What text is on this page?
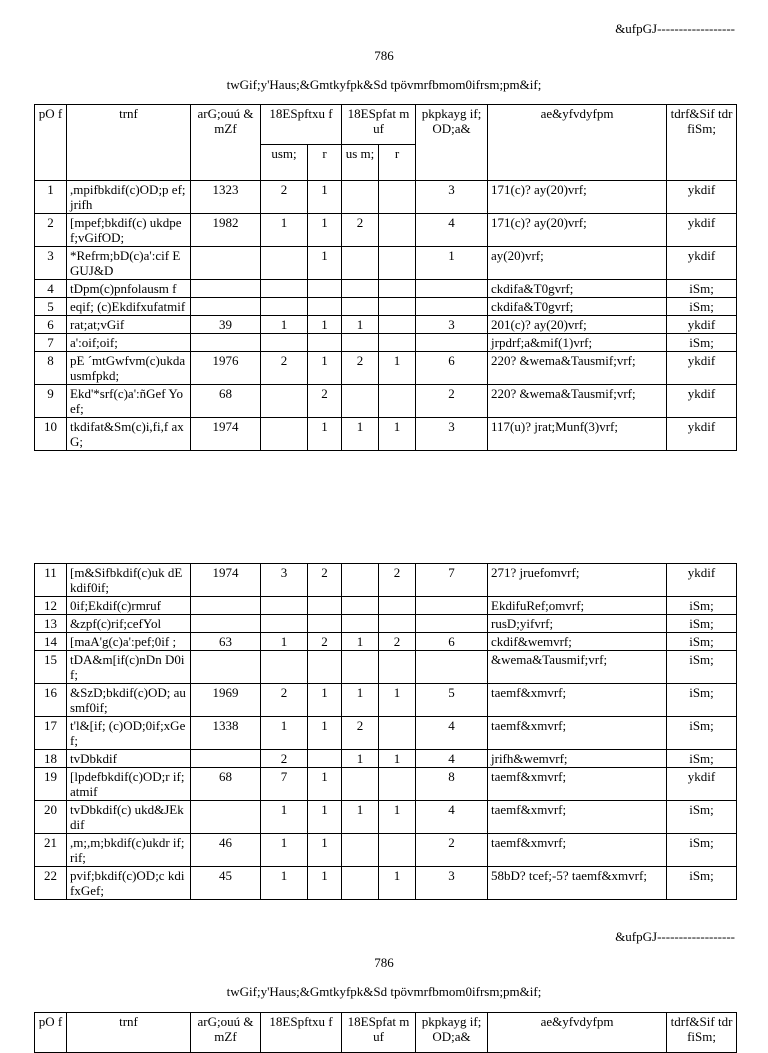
&ufpGJ------------------
786
twGif;y'Haus;&Gmtkyfpk&Sd tpövmrfbmom0ifrsm;pm&if;
pO f	trnf	arG;ouú &mZf	18ESpftxu f		18ESpfat muf		pkpkayg if; OD;a&	ae&yfvdyfpm	tdrf&Sif tdrfiSm;
			usm;	r	us m;	r			
1	,mpifbkdif(c)OD;p ef;jrifh	1323	2	1			3	171(c)? ay(20)vrf;	ykdif
2	[mpef;bkdif(c) ukdpef;vGifOD;	1982	1	1	2		4	171(c)? ay(20)vrf;	ykdif
3	*Refrm;bD(c)a':cif EGUJ&D			1			1	ay(20)vrf;	ykdif
4	tDpm(c)pnfolausm f							ckdifa&T0gvrf;	iSm;
5	eqif; (c)Ekdifxufatmif							ckdifa&T0gvrf;	iSm;
6	rat;at;vGif	39	1	1	1		3	201(c)? ay(20)vrf;	ykdif
7	a':oif;oif;							jrpdrf;a&mif(1)vrf;	iSm;
8	pE ´mtGwfvm(c)ukda usmfpkd;	1976	2	1	2	1	6	220? &wema&Tausmif;vrf;	ykdif
9	Ekd'*srf(c)a':ñGef Yoef;	68		2			2	220? &wema&Tausmif;vrf;	ykdif
10	tkdifat&Sm(c)i,fi,f axG;	1974		1	1	1	3	117(u)? jrat;Munf(3)vrf;	ykdif
11	[m&Sifbkdif(c)uk dEkdif0if;	1974	3	2		2	7	271? jruefomvrf;	ykdif
12	0if;Ekdif(c)rmruf							EkdifuRef;omvrf;	iSm;
13	&zpf(c)rif;cefYol							rusD;yifvrf;	iSm;
14	[maA'g(c)a':pef;0if ;	63	1	2	1	2	6	ckdif&wemvrf;	iSm;
15	tDA&m[if(c)nDn D0if;							&wema&Tausmif;vrf;	iSm;
16	&SzD;bkdif(c)OD; ausmf0if;	1969	2	1	1	1	5	taemf&xmvrf;	iSm;
17	t'l&[if; (c)OD;0if;xGef;	1338	1	1	2		4	taemf&xmvrf;	iSm;
18	tvDbkdif		2		1	1	4	jrifh&wemvrf;	iSm;
19	[lpdefbkdif(c)OD;r if;atmif	68	7	1			8	taemf&xmvrf;	ykdif
20	tvDbkdif(c) ukd&JEkdif		1	1	1	1	4	taemf&xmvrf;	iSm;
21	,m;,m;bkdif(c)ukdr if;rif;	46	1	1			2	taemf&xmvrf;	iSm;
22	pvif;bkdif(c)OD;c kdifxGef;	45	1	1		1	3	58bD? tcef;-5? taemf&xmvrf;	iSm;
&ufpGJ------------------
786
twGif;y'Haus;&Gmtkyfpk&Sd tpövmrfbmom0ifrsm;pm&if;
pO f	trnf	arG;ouú &mZf	18ESpftxu f	18ESpfat muf	pkpkayg if; OD;a&	ae&yfvdyfpm	tdrf&Sif tdrfiSm;
